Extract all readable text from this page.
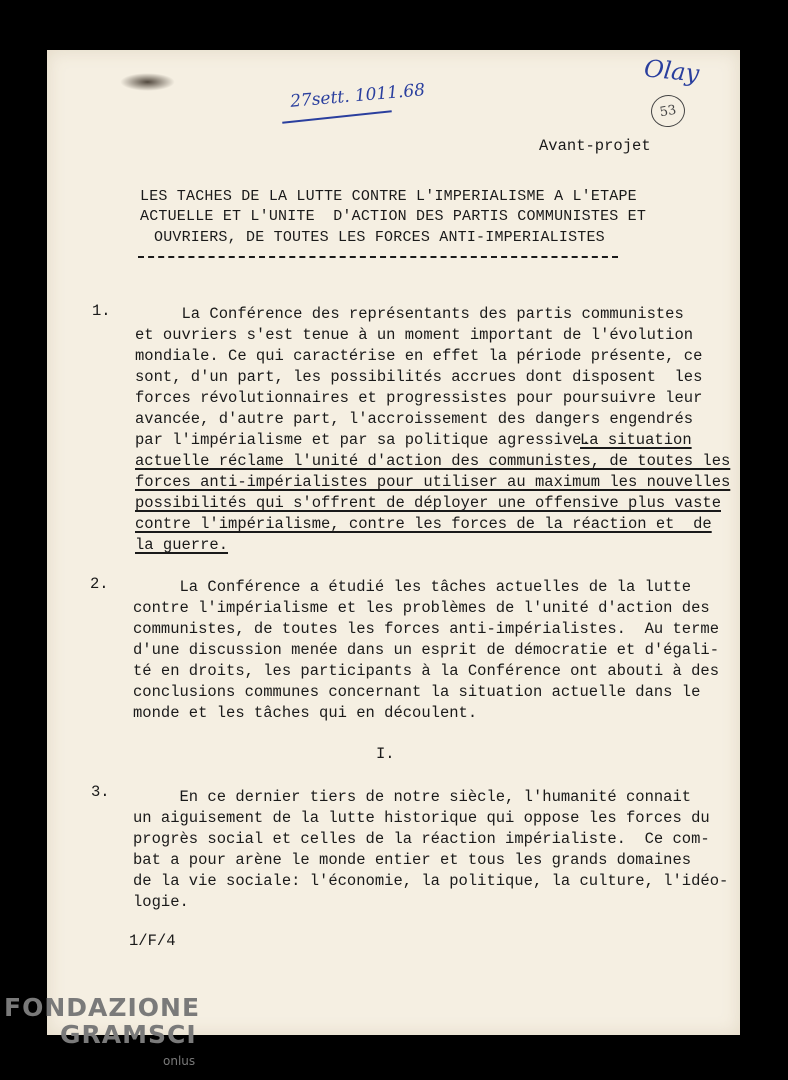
27sett. 1011.68
Olay
53
Avant-projet
LES TACHES DE LA LUTTE CONTRE L'IMPERIALISME A L'ETAPE
ACTUELLE ET L'UNITE  D'ACTION DES PARTIS COMMUNISTES ET
OUVRIERS, DE TOUTES LES FORCES ANTI-IMPERIALISTES
1. La Conférence des représentants des partis communistes
et ouvriers s'est tenue à un moment important de l'évolution
mondiale. Ce qui caractérise en effet la période présente, ce
sont, d'un part, les possibilités accrues dont disposent  les
forces révolutionnaires et progressistes pour poursuivre leur
avancée, d'autre part, l'accroissement des dangers engendrés
par l'impérialisme et par sa politique agressive.
La situation
actuelle réclame l'unité d'action des communistes, de toutes les
forces anti-impérialistes pour utiliser au maximum les nouvelles
possibilités qui s'offrent de déployer une offensive plus vaste
contre l'impérialisme, contre les forces de la réaction et  de
la guerre.
2. La Conférence a étudié les tâches actuelles de la lutte
contre l'impérialisme et les problèmes de l'unité d'action des
communistes, de toutes les forces anti-impérialistes.  Au terme
d'une discussion menée dans un esprit de démocratie et d'égali-
té en droits, les participants à la Conférence ont abouti à des
conclusions communes concernant la situation actuelle dans le
monde et les tâches qui en découlent.
I.
3. En ce dernier tiers de notre siècle, l'humanité connait
un aiguisement de la lutte historique qui oppose les forces du
progrès social et celles de la réaction impérialiste.  Ce com-
bat a pour arène le monde entier et tous les grands domaines
de la vie sociale: l'économie, la politique, la culture, l'idéo-
logie.
1/F/4
FONDAZIONE
GRAMSCI
onlus
